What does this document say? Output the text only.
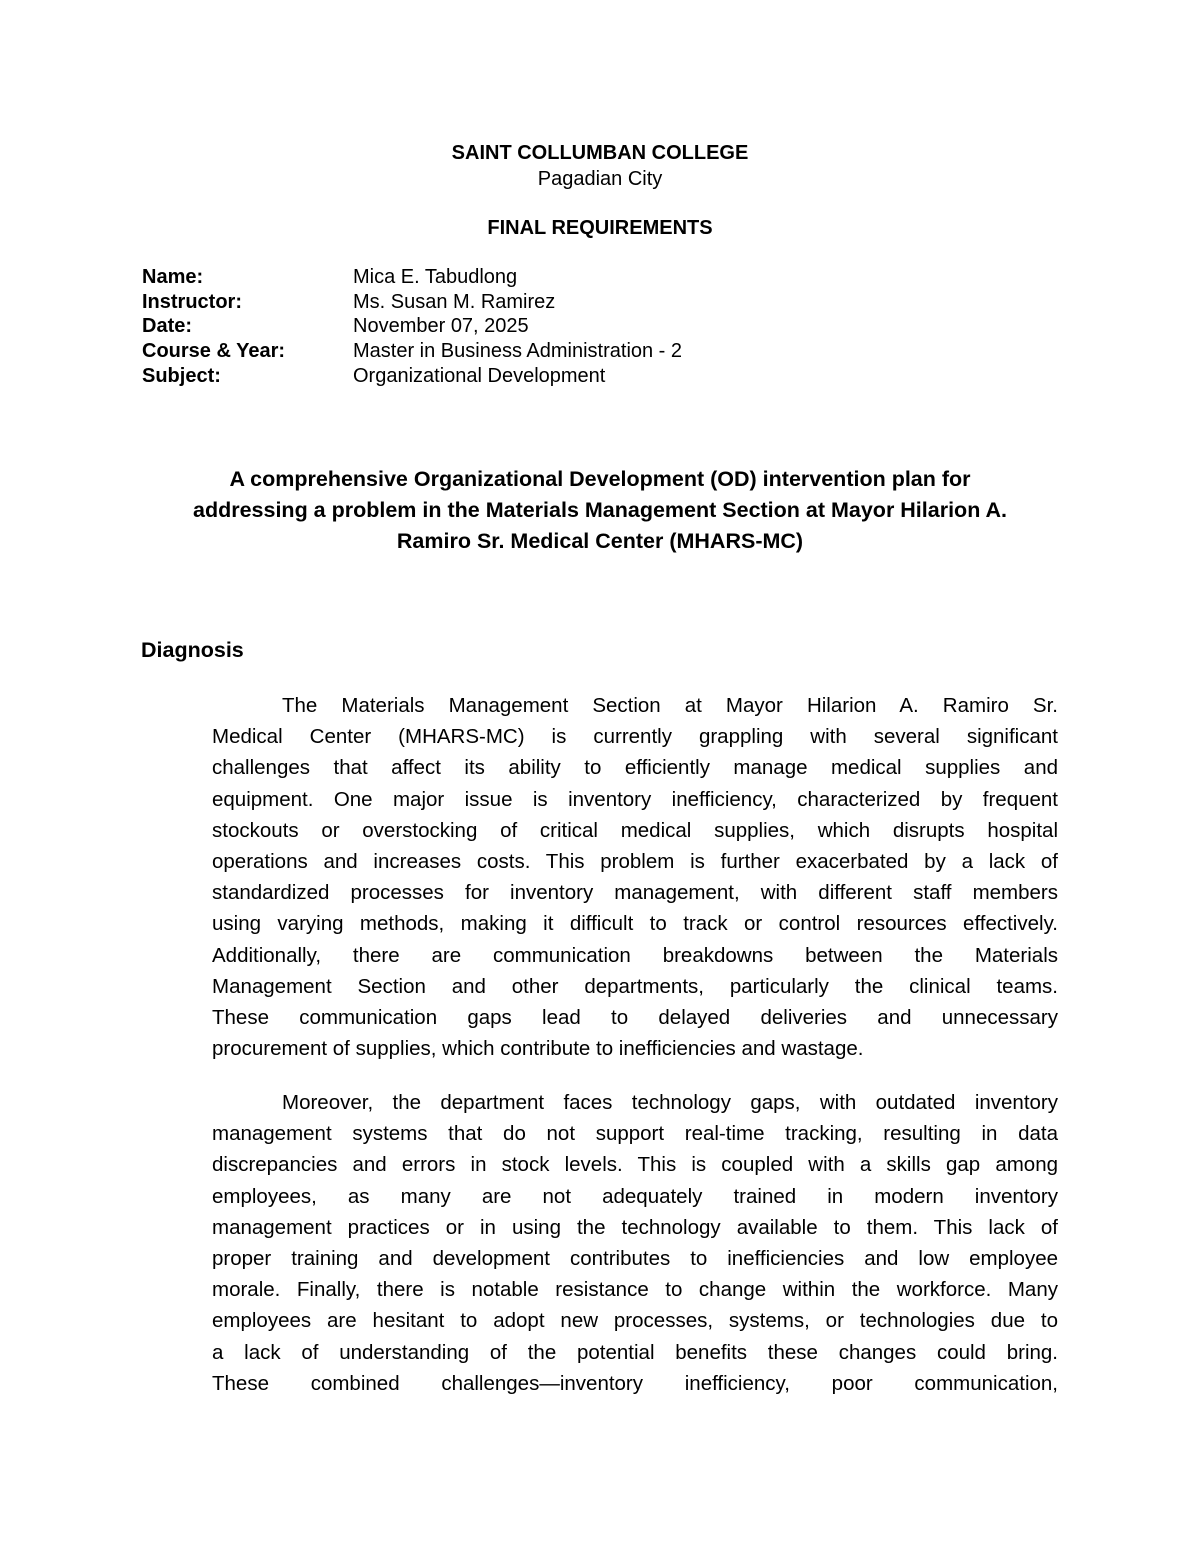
SAINT COLLUMBAN COLLEGE
Pagadian City
FINAL REQUIREMENTS
Name:	Mica E. Tabudlong
Instructor:	Ms. Susan M. Ramirez
Date:	November 07, 2025
Course & Year:	Master in Business Administration - 2
Subject:	Organizational Development
A comprehensive Organizational Development (OD) intervention plan for
addressing a problem in the Materials Management Section at Mayor Hilarion A.
Ramiro Sr. Medical Center (MHARS-MC)
Diagnosis
The Materials Management Section at Mayor Hilarion A. Ramiro Sr.
Medical Center (MHARS-MC) is currently grappling with several significant
challenges that affect its ability to efficiently manage medical supplies and
equipment. One major issue is inventory inefficiency, characterized by frequent
stockouts or overstocking of critical medical supplies, which disrupts hospital
operations and increases costs. This problem is further exacerbated by a lack of
standardized processes for inventory management, with different staff members
using varying methods, making it difficult to track or control resources effectively.
Additionally, there are communication breakdowns between the Materials
Management Section and other departments, particularly the clinical teams.
These communication gaps lead to delayed deliveries and unnecessary
procurement of supplies, which contribute to inefficiencies and wastage.
Moreover, the department faces technology gaps, with outdated inventory
management systems that do not support real-time tracking, resulting in data
discrepancies and errors in stock levels. This is coupled with a skills gap among
employees, as many are not adequately trained in modern inventory
management practices or in using the technology available to them. This lack of
proper training and development contributes to inefficiencies and low employee
morale. Finally, there is notable resistance to change within the workforce. Many
employees are hesitant to adopt new processes, systems, or technologies due to
a lack of understanding of the potential benefits these changes could bring.
These combined challenges—inventory inefficiency, poor communication,
